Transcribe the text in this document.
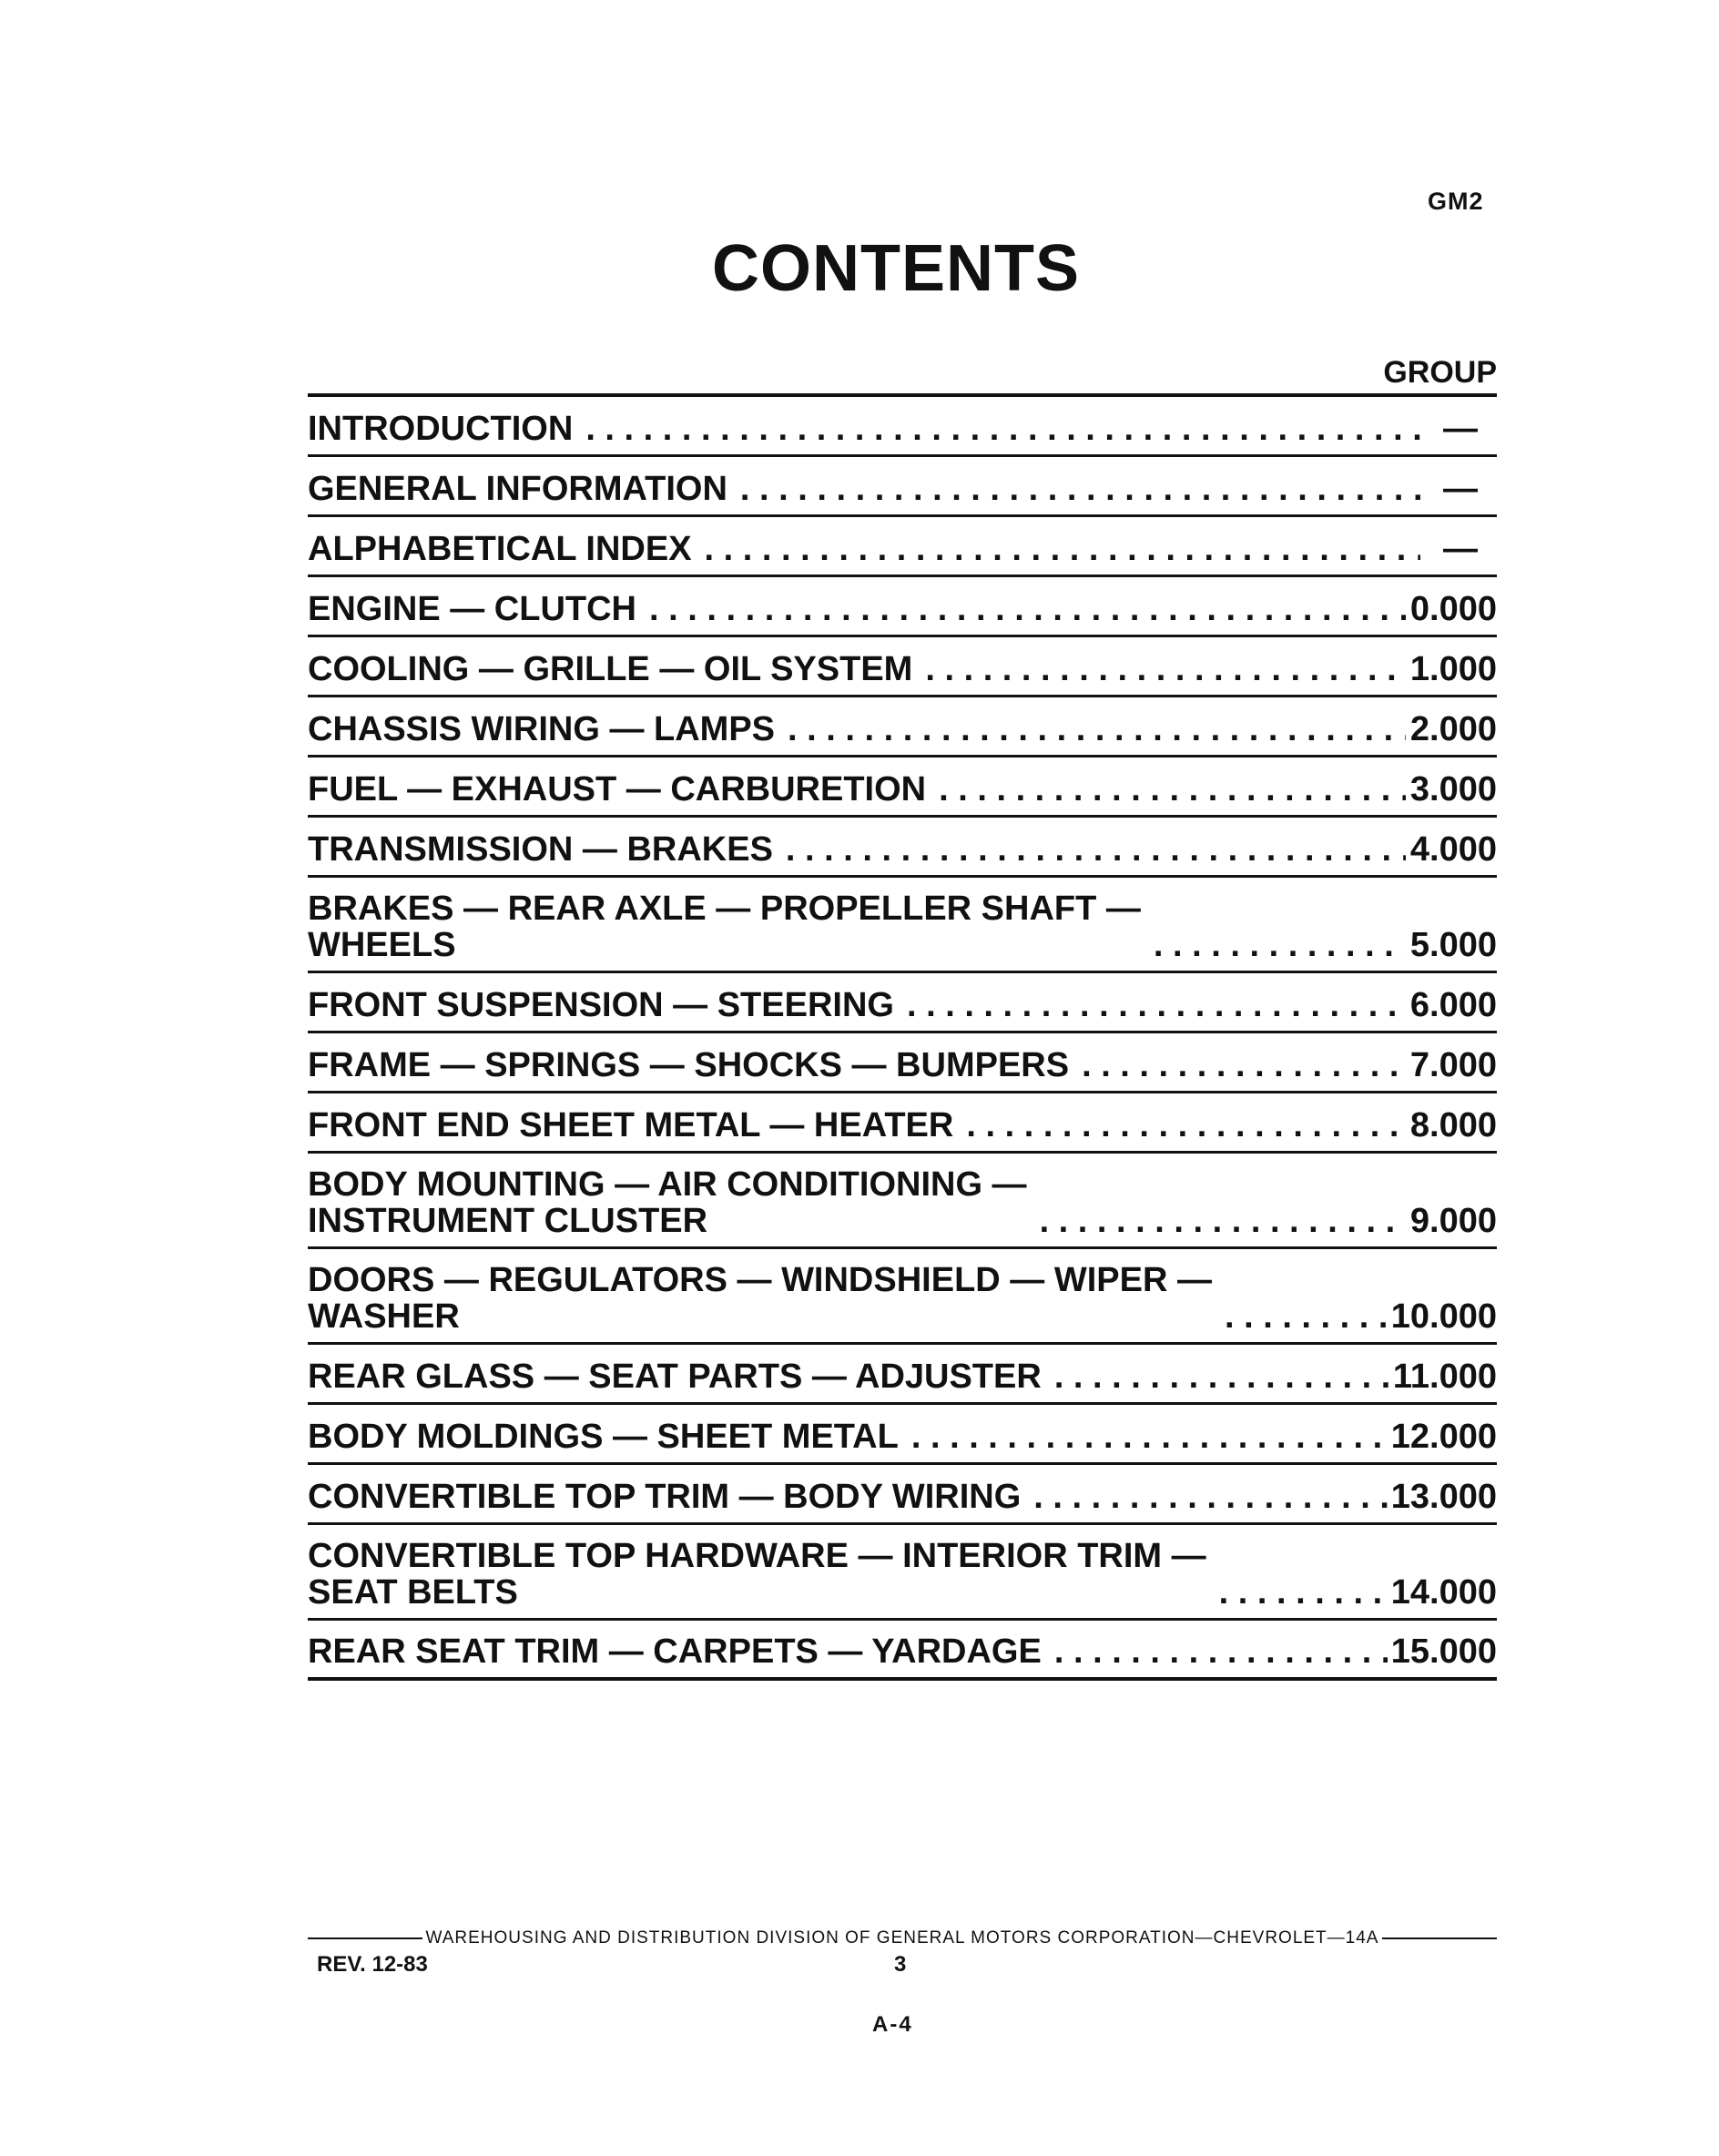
GM2
CONTENTS
GROUP
INTRODUCTION . . .	—
GENERAL INFORMATION . . .	—
ALPHABETICAL INDEX . . .	—
ENGINE — CLUTCH . . .	0.000
COOLING — GRILLE — OIL SYSTEM . . .	1.000
CHASSIS WIRING — LAMPS . . .	2.000
FUEL — EXHAUST — CARBURETION . . .	3.000
TRANSMISSION — BRAKES . . .	4.000
BRAKES — REAR AXLE — PROPELLER SHAFT —
WHEELS . . .	5.000
FRONT SUSPENSION — STEERING . . .	6.000
FRAME — SPRINGS — SHOCKS — BUMPERS . . .	7.000
FRONT END SHEET METAL — HEATER . . .	8.000
BODY MOUNTING — AIR CONDITIONING —
INSTRUMENT CLUSTER . . .	9.000
DOORS — REGULATORS — WINDSHIELD — WIPER —
WASHER . . .	10.000
REAR GLASS — SEAT PARTS — ADJUSTER . . .	11.000
BODY MOLDINGS — SHEET METAL . . .	12.000
CONVERTIBLE TOP TRIM — BODY WIRING . . .	13.000
CONVERTIBLE TOP HARDWARE — INTERIOR TRIM —
SEAT BELTS . . .	14.000
REAR SEAT TRIM — CARPETS — YARDAGE . . .	15.000
WAREHOUSING AND DISTRIBUTION DIVISION OF GENERAL MOTORS CORPORATION—CHEVROLET—14A
REV. 12-83	3
A-4
